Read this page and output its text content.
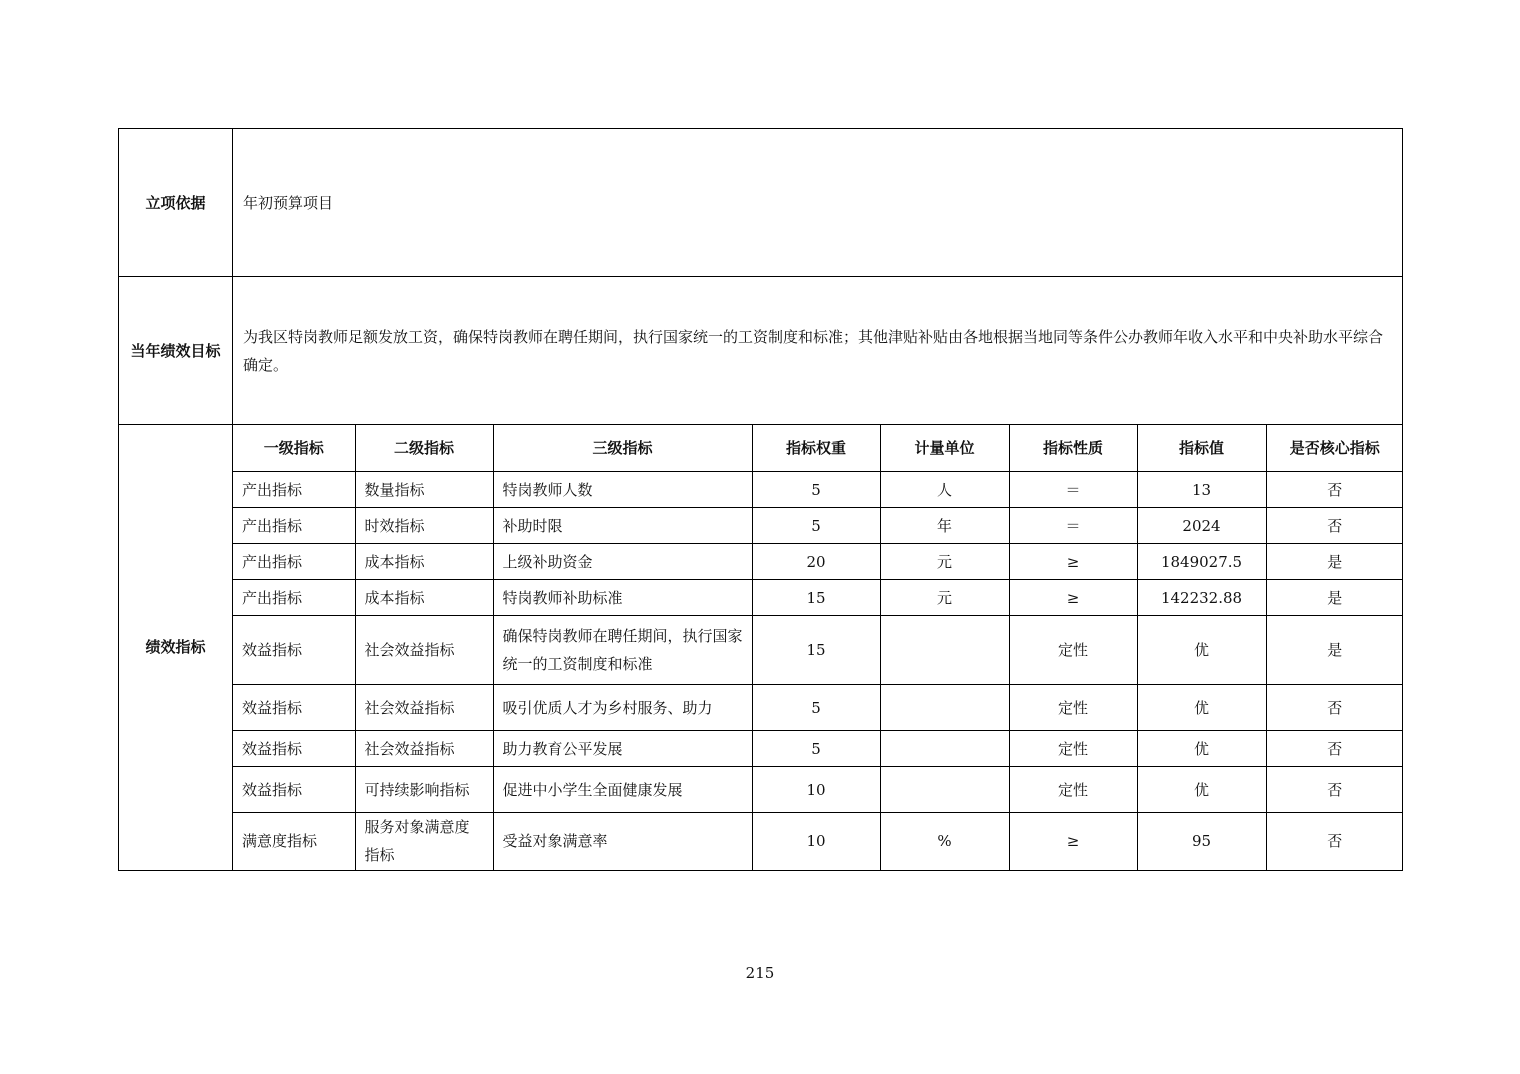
立项依据	年初预算项目
当年绩效目标	为我区特岗教师足额发放工资，确保特岗教师在聘任期间，执行国家统一的工资制度和标准；其他津贴补贴由各地根据当地同等条件公办教师年收入水平和中央补助水平综合确定。
绩效指标	
一级指标	二级指标	三级指标	指标权重	计量单位	指标性质	指标值	是否核心指标
产出指标	数量指标	特岗教师人数	5	人	＝	13	否
产出指标	时效指标	补助时限	5	年	＝	2024	否
产出指标	成本指标	上级补助资金	20	元	≥	1849027.5	是
产出指标	成本指标	特岗教师补助标准	15	元	≥	142232.88	是
效益指标	社会效益指标	确保特岗教师在聘任期间，执行国家统一的工资制度和标准	15		定性	优	是
效益指标	社会效益指标	吸引优质人才为乡村服务、助力	5		定性	优	否
效益指标	社会效益指标	助力教育公平发展	5		定性	优	否
效益指标	可持续影响指标	促进中小学生全面健康发展	10		定性	优	否
满意度指标	服务对象满意度指标	受益对象满意率	10	%	≥	95	否
215
